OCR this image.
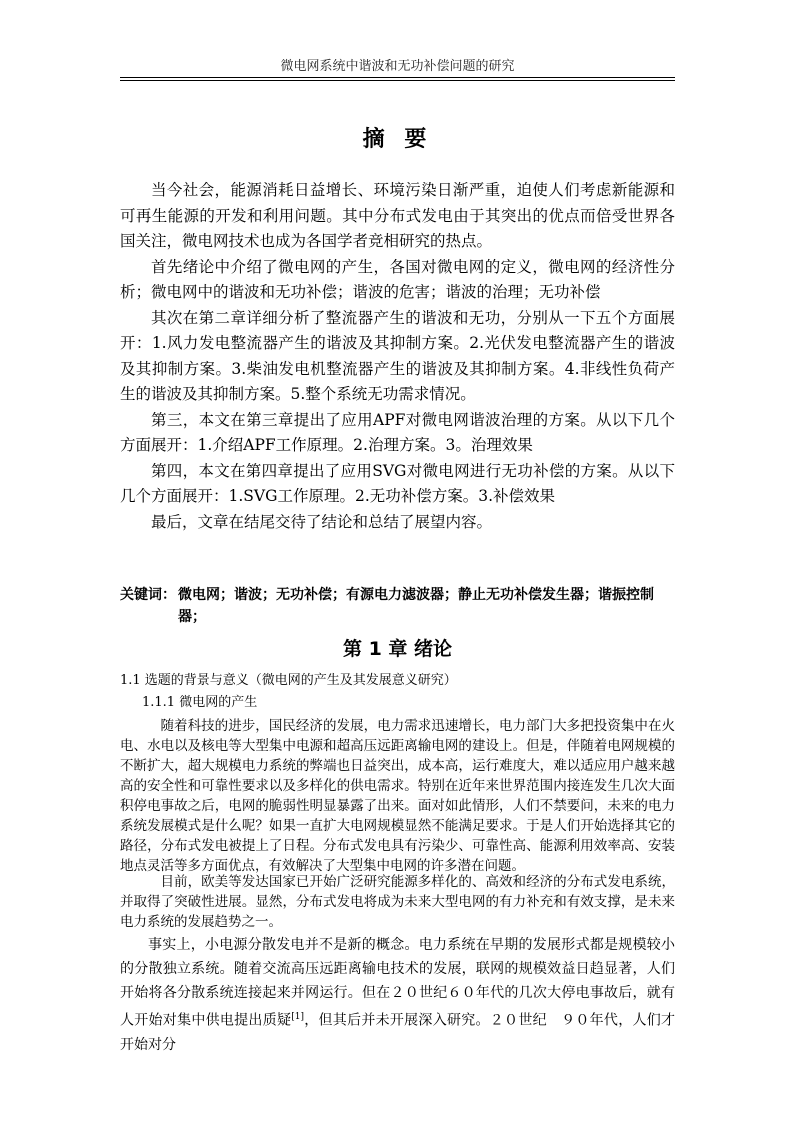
微电网系统中谐波和无功补偿问题的研究
摘 要

当今社会，能源消耗日益增长、环境污染日渐严重，迫使人们考虑新能源和可再生能源的开发和利用问题。其中分布式发电由于其突出的优点而倍受世界各国关注，微电网技术也成为各国学者竞相研究的热点。

首先绪论中介绍了微电网的产生，各国对微电网的定义，微电网的经济性分析；微电网中的谐波和无功补偿；谐波的危害；谐波的治理；无功补偿

其次在第二章详细分析了整流器产生的谐波和无功，分别从一下五个方面展开：1.风力发电整流器产生的谐波及其抑制方案。2.光伏发电整流器产生的谐波及其抑制方案。3.柴油发电机整流器产生的谐波及其抑制方案。4.非线性负荷产生的谐波及其抑制方案。5.整个系统无功需求情况。

第三，本文在第三章提出了应用APF对微电网谐波治理的方案。从以下几个方面展开：1.介绍APF工作原理。2.治理方案。3。治理效果

第四，本文在第四章提出了应用SVG对微电网进行无功补偿的方案。从以下几个方面展开：1.SVG工作原理。2.无功补偿方案。3.补偿效果

最后，文章在结尾交待了结论和总结了展望内容。

关键词： 微电网；谐波；无功补偿；有源电力滤波器；静止无功补偿发生器；谐振控制器；
第 1 章 绪论
1.1 选题的背景与意义（微电网的产生及其发展意义研究）
1.1.1 微电网的产生

随着科技的进步，国民经济的发展，电力需求迅速增长，电力部门大多把投资集中在火电、水电以及核电等大型集中电源和超高压远距离输电网的建设上。但是，伴随着电网规模的不断扩大，超大规模电力系统的弊端也日益突出，成本高，运行难度大，难以适应用户越来越高的安全性和可靠性要求以及多样化的供电需求。特别在近年来世界范围内接连发生几次大面积停电事故之后，电网的脆弱性明显暴露了出来。面对如此情形，人们不禁要问，未来的电力系统发展模式是什么呢？如果一直扩大电网规模显然不能满足要求。于是人们开始选择其它的路径，分布式发电被提上了日程。分布式发电具有污染少、可靠性高、能源利用效率高、安装地点灵活等多方面优点，有效解决了大型集中电网的许多潜在问题。

目前，欧美等发达国家已开始广泛研究能源多样化的、高效和经济的分布式发电系统，并取得了突破性进展。显然，分布式发电将成为未来大型电网的有力补充和有效支撑，是未来电力系统的发展趋势之一。

事实上，小电源分散发电并不是新的概念。电力系统在早期的发展形式都是规模较小的分散独立系统。随着交流高压远距离输电技术的发展，联网的规模效益日趋显著，人们开始将各分散系统连接起来并网运行。但在２０世纪６０年代的几次大停电事故后，就有人开始对集中供电提出质疑[1]，但其后并未开展深入研究。２０世纪　９０年代，人们才开始对分
